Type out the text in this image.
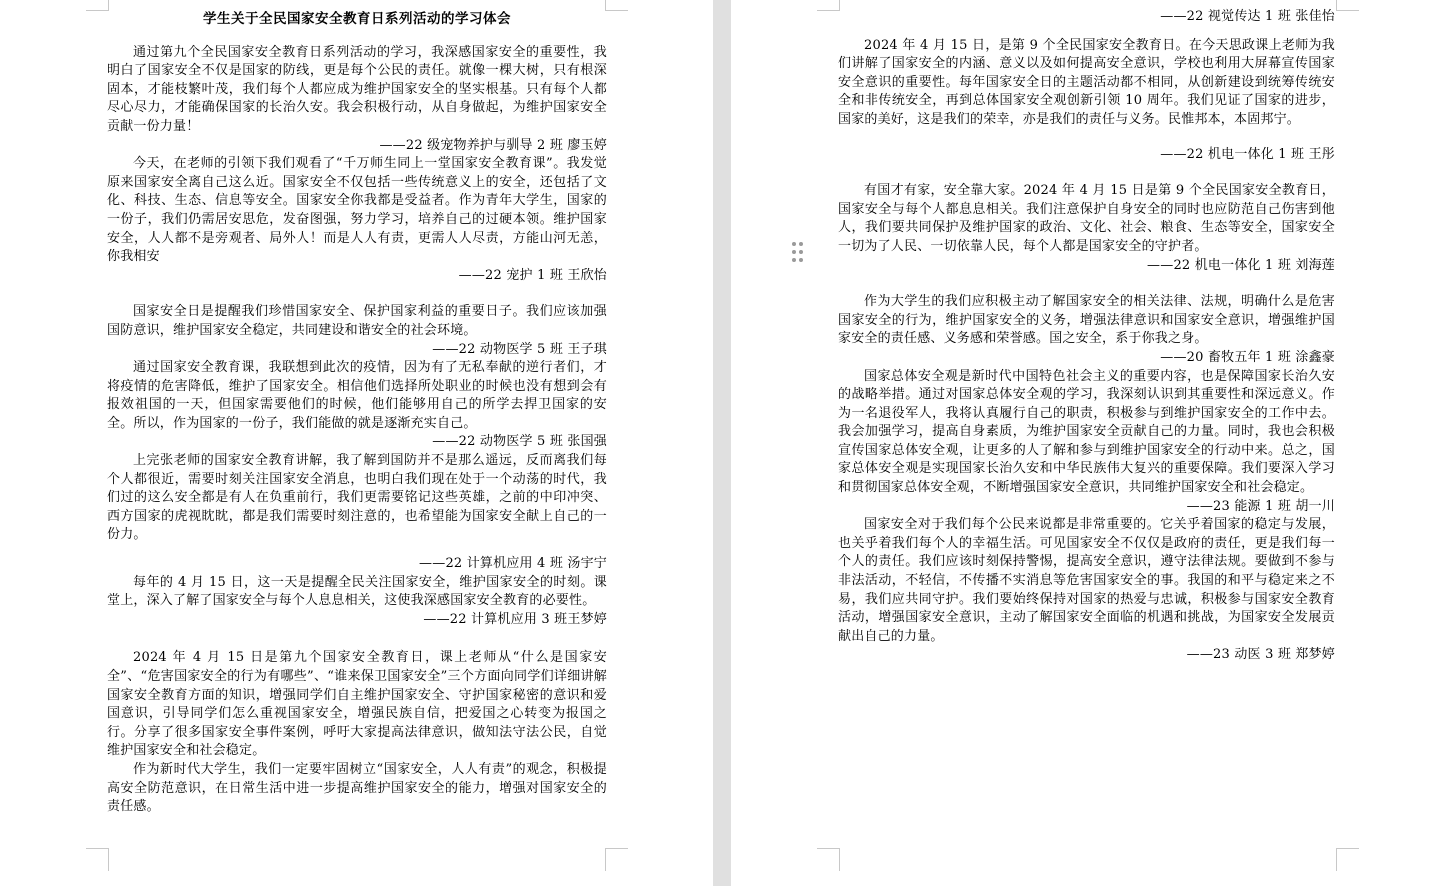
学生关于全民国家安全教育日系列活动的学习体会

通过第九个全民国家安全教育日系列活动的学习，我深感国家安全的重要性，我明白了国家安全不仅是国家的防线，更是每个公民的责任。就像一棵大树，只有根深固本，才能枝繁叶茂，我们每个人都应成为维护国家安全的坚实根基。只有每个人都尽心尽力，才能确保国家的长治久安。我会积极行动，从自身做起，为维护国家安全贡献一份力量！

——22 级宠物养护与驯导 2 班 廖玉婷

今天，在老师的引领下我们观看了“千万师生同上一堂国家安全教育课”。我发觉原来国家安全离自己这么近。国家安全不仅包括一些传统意义上的安全，还包括了文化、科技、生态、信息等安全。国家安全你我都是受益者。作为青年大学生，国家的一份子，我们仍需居安思危，发奋图强，努力学习，培养自己的过硬本领。维护国家安全，人人都不是旁观者、局外人！而是人人有责，更需人人尽责，方能山河无恙，你我相安

——22 宠护 1 班 王欣怡

国家安全日是提醒我们珍惜国家安全、保护国家利益的重要日子。我们应该加强国防意识，维护国家安全稳定，共同建设和谐安全的社会环境。

——22 动物医学 5 班 王子琪

通过国家安全教育课，我联想到此次的疫情，因为有了无私奉献的逆行者们，才将疫情的危害降低，维护了国家安全。相信他们选择所处职业的时候也没有想到会有报效祖国的一天，但国家需要他们的时候，他们能够用自己的所学去捍卫国家的安全。所以，作为国家的一份子，我们能做的就是逐渐充实自己。

——22 动物医学 5 班 张国强

上完张老师的国家安全教育讲解，我了解到国防并不是那么遥远，反而离我们每个人都很近，需要时刻关注国家安全消息，也明白我们现在处于一个动荡的时代，我们过的这么安全都是有人在负重前行，我们更需要铭记这些英雄，之前的中印冲突、西方国家的虎视眈眈，都是我们需要时刻注意的，也希望能为国家安全献上自己的一份力。

——22 计算机应用 4 班 汤宇宁

每年的 4 月 15 日，这一天是提醒全民关注国家安全，维护国家安全的时刻。课堂上，深入了解了国家安全与每个人息息相关，这使我深感国家安全教育的必要性。

——22 计算机应用 3 班王梦婷

2024 年 4 月 15 日是第九个国家安全教育日，课上老师从“什么是国家安全”、“危害国家安全的行为有哪些”、“谁来保卫国家安全”三个方面向同学们详细讲解国家安全教育方面的知识，增强同学们自主维护国家安全、守护国家秘密的意识和爱国意识，引导同学们怎么重视国家安全，增强民族自信，把爱国之心转变为报国之行。分享了很多国家安全事件案例，呼吁大家提高法律意识，做知法守法公民，自觉维护国家安全和社会稳定。

作为新时代大学生，我们一定要牢固树立“国家安全，人人有责”的观念，积极提高安全防范意识，在日常生活中进一步提高维护国家安全的能力，增强对国家安全的责任感。

——22 视觉传达 1 班 张佳怡

2024 年 4 月 15 日，是第 9 个全民国家安全教育日。在今天思政课上老师为我们讲解了国家安全的内涵、意义以及如何提高安全意识，学校也利用大屏幕宣传国家安全意识的重要性。每年国家安全日的主题活动都不相同，从创新建设到统筹传统安全和非传统安全，再到总体国家安全观创新引领 10 周年。我们见证了国家的进步，国家的美好，这是我们的荣幸，亦是我们的责任与义务。民惟邦本，本固邦宁。

——22 机电一体化 1 班 王彤

有国才有家，安全靠大家。2024 年 4 月 15 日是第 9 个全民国家安全教育日，国家安全与每个人都息息相关。我们注意保护自身安全的同时也应防范自己伤害到他人，我们要共同保护及维护国家的政治、文化、社会、粮食、生态等安全，国家安全一切为了人民、一切依靠人民，每个人都是国家安全的守护者。

——22 机电一体化 1 班 刘海莲

作为大学生的我们应积极主动了解国家安全的相关法律、法规，明确什么是危害国家安全的行为，维护国家安全的义务，增强法律意识和国家安全意识，增强维护国家安全的责任感、义务感和荣誉感。国之安全，系于你我之身。

——20 畜牧五年 1 班 涂鑫豪

国家总体安全观是新时代中国特色社会主义的重要内容，也是保障国家长治久安的战略举措。通过对国家总体安全观的学习，我深刻认识到其重要性和深远意义。作为一名退役军人，我将认真履行自己的职责，积极参与到维护国家安全的工作中去。我会加强学习，提高自身素质，为维护国家安全贡献自己的力量。同时，我也会积极宣传国家总体安全观，让更多的人了解和参与到维护国家安全的行动中来。总之，国家总体安全观是实现国家长治久安和中华民族伟大复兴的重要保障。我们要深入学习和贯彻国家总体安全观，不断增强国家安全意识，共同维护国家安全和社会稳定。

——23 能源 1 班 胡一川

国家安全对于我们每个公民来说都是非常重要的。它关乎着国家的稳定与发展，也关乎着我们每个人的幸福生活。可见国家安全不仅仅是政府的责任，更是我们每一个人的责任。我们应该时刻保持警惕，提高安全意识，遵守法律法规。要做到不参与非法活动，不轻信，不传播不实消息等危害国家安全的事。我国的和平与稳定来之不易，我们应共同守护。我们要始终保持对国家的热爱与忠诚，积极参与国家安全教育活动，增强国家安全意识，主动了解国家安全面临的机遇和挑战，为国家安全发展贡献出自己的力量。

——23 动医 3 班 郑梦婷
